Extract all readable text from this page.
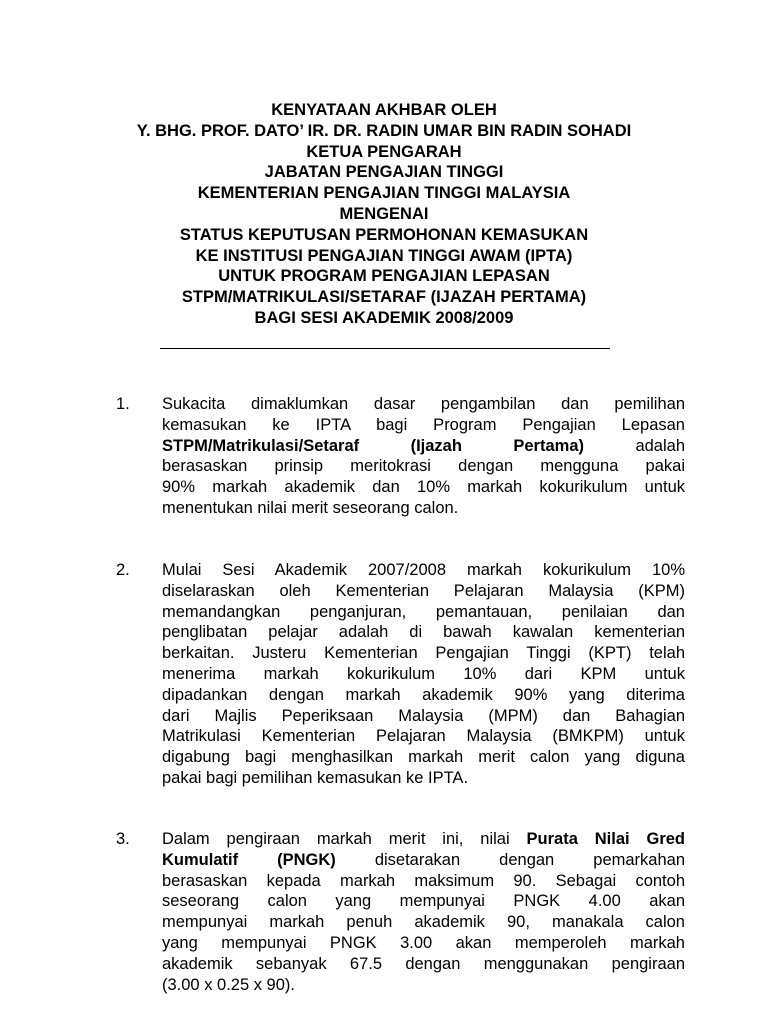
KENYATAAN AKHBAR OLEH
Y. BHG. PROF. DATO’ IR. DR. RADIN UMAR BIN RADIN SOHADI
KETUA PENGARAH
JABATAN PENGAJIAN TINGGI
KEMENTERIAN PENGAJIAN TINGGI MALAYSIA
MENGENAI
STATUS KEPUTUSAN PERMOHONAN KEMASUKAN
KE INSTITUSI PENGAJIAN TINGGI AWAM (IPTA)
UNTUK PROGRAM PENGAJIAN LEPASAN
STPM/MATRIKULASI/SETARAF (IJAZAH PERTAMA)
BAGI SESI AKADEMIK 2008/2009
1. Sukacita dimaklumkan dasar pengambilan dan pemilihan
kemasukan ke IPTA bagi Program Pengajian Lepasan
STPM/Matrikulasi/Setaraf (Ijazah Pertama) adalah
berasaskan prinsip meritokrasi dengan mengguna pakai
90% markah akademik dan 10% markah kokurikulum untuk
menentukan nilai merit seseorang calon.
2. Mulai Sesi Akademik 2007/2008 markah kokurikulum 10%
diselaraskan oleh Kementerian Pelajaran Malaysia (KPM)
memandangkan penganjuran, pemantauan, penilaian dan
penglibatan pelajar adalah di bawah kawalan kementerian
berkaitan. Justeru Kementerian Pengajian Tinggi (KPT) telah
menerima markah kokurikulum 10% dari KPM untuk
dipadankan dengan markah akademik 90% yang diterima
dari Majlis Peperiksaan Malaysia (MPM) dan Bahagian
Matrikulasi Kementerian Pelajaran Malaysia (BMKPM) untuk
digabung bagi menghasilkan markah merit calon yang diguna
pakai bagi pemilihan kemasukan ke IPTA.
3. Dalam pengiraan markah merit ini, nilai Purata Nilai Gred
Kumulatif (PNGK) disetarakan dengan pemarkahan
berasaskan kepada markah maksimum 90. Sebagai contoh
seseorang calon yang mempunyai PNGK 4.00 akan
mempunyai markah penuh akademik 90, manakala calon
yang mempunyai PNGK 3.00 akan memperoleh markah
akademik sebanyak 67.5 dengan menggunakan pengiraan
(3.00 x 0.25 x 90).
